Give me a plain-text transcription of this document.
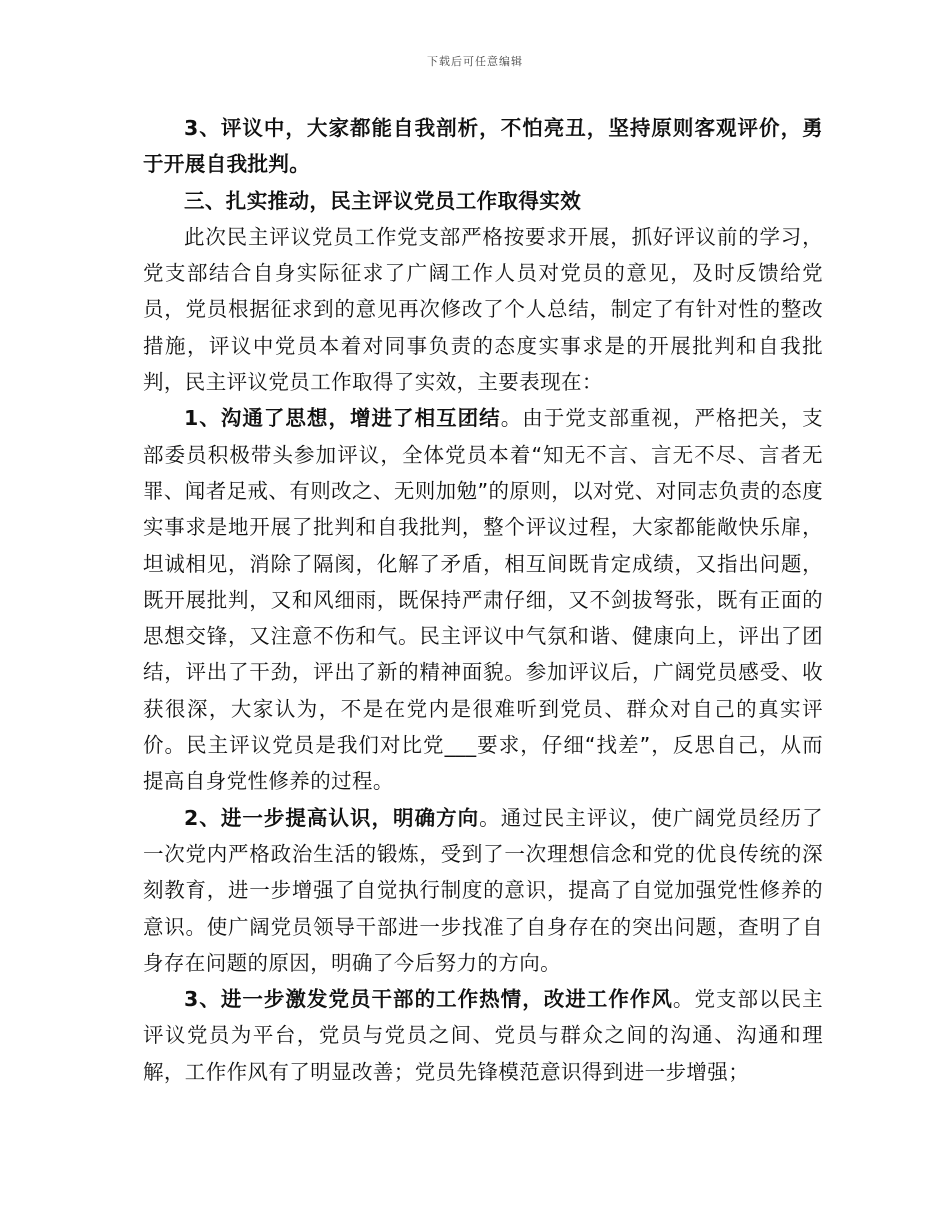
下载后可任意编辑

3、评议中，大家都能自我剖析，不怕亮丑，坚持原则客观评价，勇于开展自我批判。

三、扎实推动，民主评议党员工作取得实效

此次民主评议党员工作党支部严格按要求开展，抓好评议前的学习，党支部结合自身实际征求了广阔工作人员对党员的意见，及时反馈给党员，党员根据征求到的意见再次修改了个人总结，制定了有针对性的整改措施，评议中党员本着对同事负责的态度实事求是的开展批判和自我批判，民主评议党员工作取得了实效，主要表现在：

1、沟通了思想，增进了相互团结。由于党支部重视，严格把关，支部委员积极带头参加评议，全体党员本着“知无不言、言无不尽、言者无罪、闻者足戒、有则改之、无则加勉”的原则，以对党、对同志负责的态度实事求是地开展了批判和自我批判，整个评议过程，大家都能敞快乐扉，坦诚相见，消除了隔阂，化解了矛盾，相互间既肯定成绩，又指出问题，既开展批判，又和风细雨，既保持严肃仔细，又不剑拔弩张，既有正面的思想交锋，又注意不伤和气。民主评议中气氛和谐、健康向上，评出了团结，评出了干劲，评出了新的精神面貌。参加评议后，广阔党员感受、收获很深，大家认为，不是在党内是很难听到党员、群众对自己的真实评价。民主评议党员是我们对比党___要求，仔细“找差”，反思自己，从而提高自身党性修养的过程。

2、进一步提高认识，明确方向。通过民主评议，使广阔党员经历了一次党内严格政治生活的锻炼，受到了一次理想信念和党的优良传统的深刻教育，进一步增强了自觉执行制度的意识，提高了自觉加强党性修养的意识。使广阔党员领导干部进一步找准了自身存在的突出问题，查明了自身存在问题的原因，明确了今后努力的方向。

3、进一步激发党员干部的工作热情，改进工作作风。党支部以民主评议党员为平台，党员与党员之间、党员与群众之间的沟通、沟通和理解，工作作风有了明显改善；党员先锋模范意识得到进一步增强；
